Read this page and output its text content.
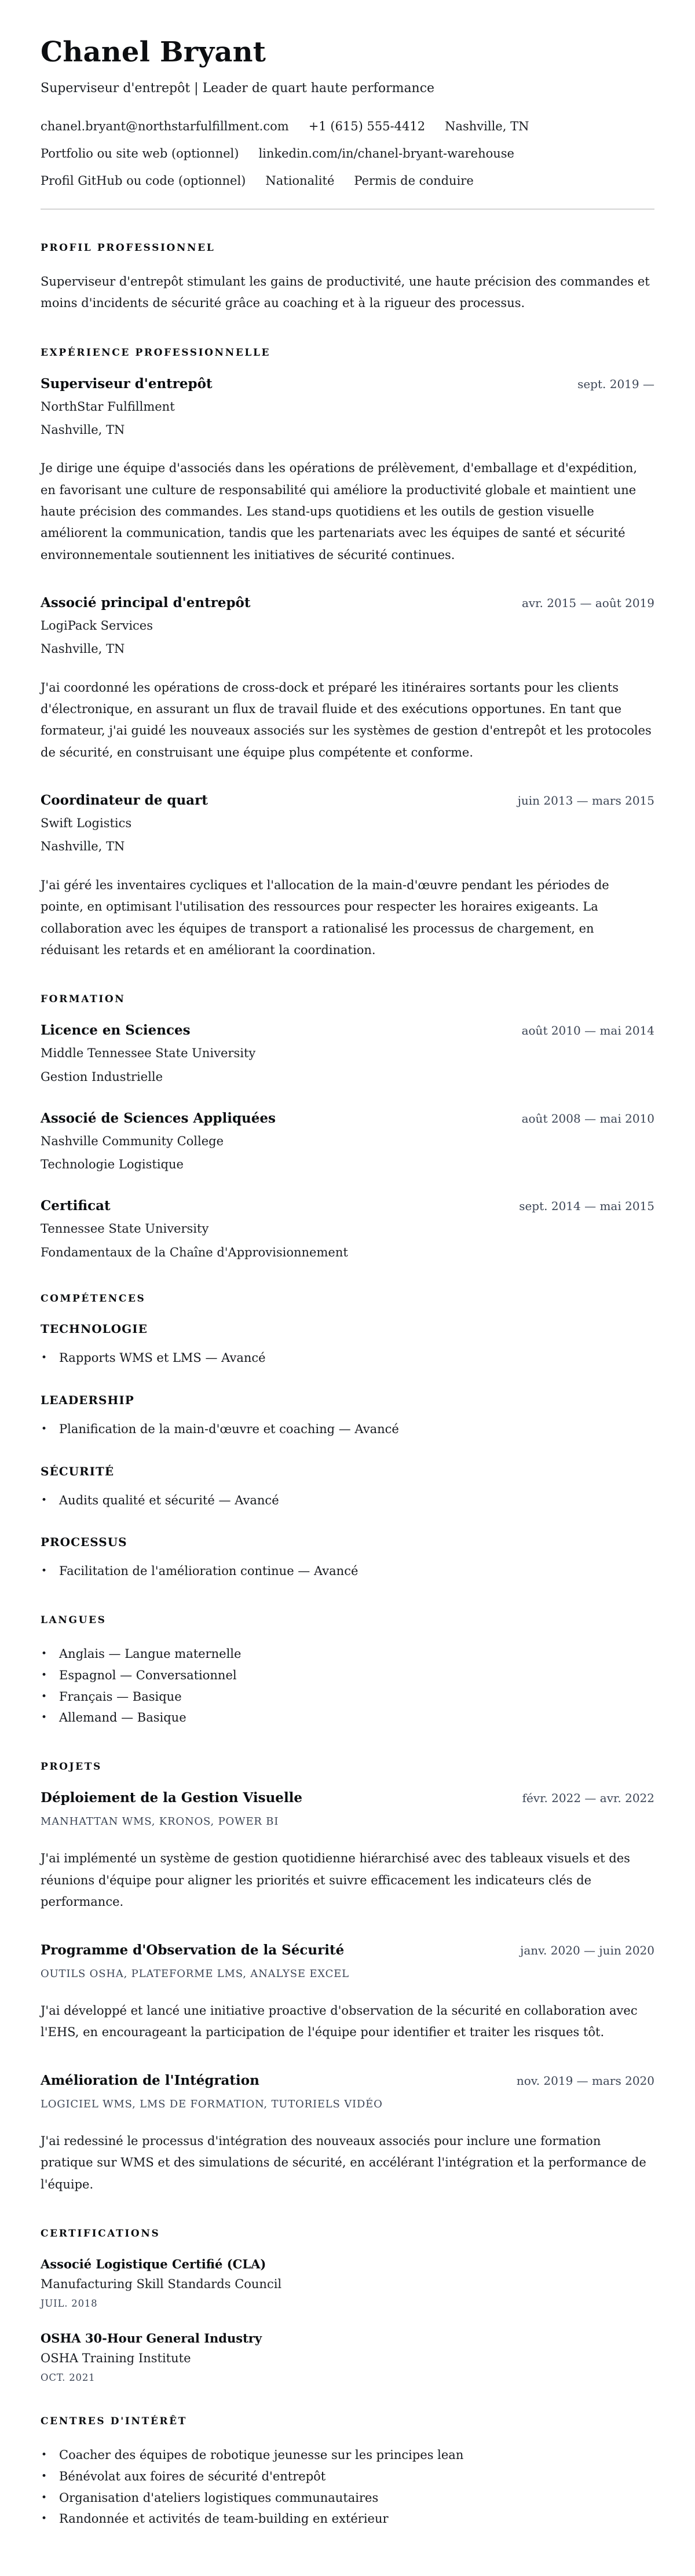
Chanel Bryant

Superviseur d'entrepôt | Leader de quart haute performance

chanel.bryant@northstarfulfillment.com +1 (615) 555-4412 Nashville, TN
Portfolio ou site web (optionnel) linkedin.com/in/chanel-bryant-warehouse
Profil GitHub ou code (optionnel) Nationalité Permis de conduire
PROFIL PROFESSIONNEL

Superviseur d'entrepôt stimulant les gains de productivité, une haute précision des commandes et moins d'incidents de sécurité grâce au coaching et à la rigueur des processus.

EXPÉRIENCE PROFESSIONNELLE
Superviseur d'entrepôt	sept. 2019 —
NorthStar Fulfillment
Nashville, TN

Je dirige une équipe d'associés dans les opérations de prélèvement, d'emballage et d'expédition, en favorisant une culture de responsabilité qui améliore la productivité globale et maintient une haute précision des commandes. Les stand-ups quotidiens et les outils de gestion visuelle améliorent la communication, tandis que les partenariats avec les équipes de santé et sécurité environnementale soutiennent les initiatives de sécurité continues.

Associé principal d'entrepôt	avr. 2015 — août 2019
LogiPack Services
Nashville, TN

J'ai coordonné les opérations de cross-dock et préparé les itinéraires sortants pour les clients d'électronique, en assurant un flux de travail fluide et des exécutions opportunes. En tant que formateur, j'ai guidé les nouveaux associés sur les systèmes de gestion d'entrepôt et les protocoles de sécurité, en construisant une équipe plus compétente et conforme.

Coordinateur de quart	juin 2013 — mars 2015
Swift Logistics
Nashville, TN

J'ai géré les inventaires cycliques et l'allocation de la main-d'œuvre pendant les périodes de pointe, en optimisant l'utilisation des ressources pour respecter les horaires exigeants. La collaboration avec les équipes de transport a rationalisé les processus de chargement, en réduisant les retards et en améliorant la coordination.

FORMATION
Licence en Sciences	août 2010 — mai 2014
Middle Tennessee State University
Gestion Industrielle
Associé de Sciences Appliquées	août 2008 — mai 2010
Nashville Community College
Technologie Logistique
Certificat	sept. 2014 — mai 2015
Tennessee State University
Fondamentaux de la Chaîne d'Approvisionnement
COMPÉTENCES
TECHNOLOGIE
• Rapports WMS et LMS — Avancé
LEADERSHIP
• Planification de la main-d'œuvre et coaching — Avancé
SÉCURITÉ
• Audits qualité et sécurité — Avancé
PROCESSUS
• Facilitation de l'amélioration continue — Avancé
LANGUES
• Anglais — Langue maternelle
• Espagnol — Conversationnel
• Français — Basique
• Allemand — Basique
PROJETS
Déploiement de la Gestion Visuelle	févr. 2022 — avr. 2022
MANHATTAN WMS, KRONOS, POWER BI

J'ai implémenté un système de gestion quotidienne hiérarchisé avec des tableaux visuels et des réunions d'équipe pour aligner les priorités et suivre efficacement les indicateurs clés de performance.

Programme d'Observation de la Sécurité	janv. 2020 — juin 2020
OUTILS OSHA, PLATEFORME LMS, ANALYSE EXCEL

J'ai développé et lancé une initiative proactive d'observation de la sécurité en collaboration avec l'EHS, en encourageant la participation de l'équipe pour identifier et traiter les risques tôt.

Amélioration de l'Intégration	nov. 2019 — mars 2020
LOGICIEL WMS, LMS DE FORMATION, TUTORIELS VIDÉO

J'ai redessiné le processus d'intégration des nouveaux associés pour inclure une formation pratique sur WMS et des simulations de sécurité, en accélérant l'intégration et la performance de l'équipe.

CERTIFICATIONS
Associé Logistique Certifié (CLA)
Manufacturing Skill Standards Council
JUIL. 2018
OSHA 30-Hour General Industry
OSHA Training Institute
OCT. 2021
CENTRES D'INTÉRÊT
• Coacher des équipes de robotique jeunesse sur les principes lean
• Bénévolat aux foires de sécurité d'entrepôt
• Organisation d'ateliers logistiques communautaires
• Randonnée et activités de team-building en extérieur
